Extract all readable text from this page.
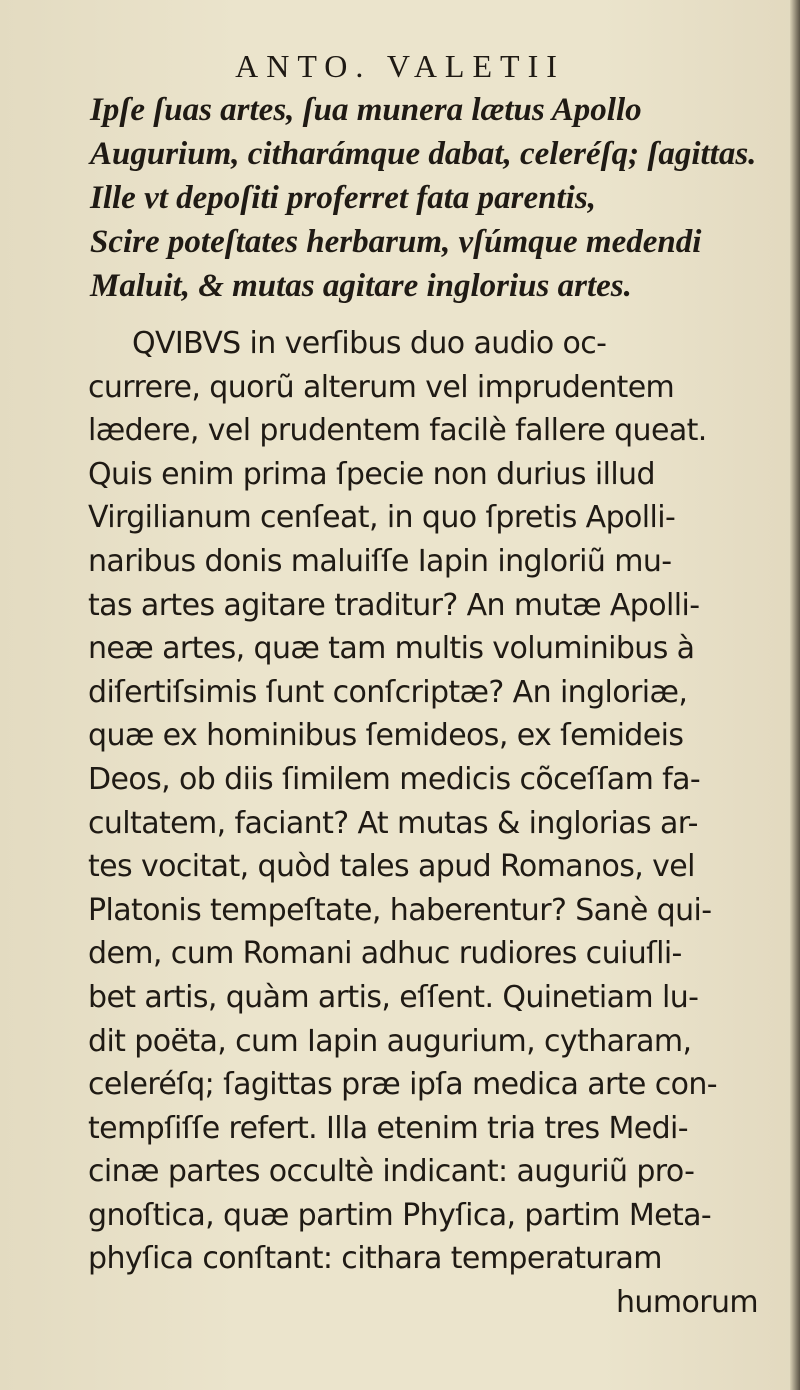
ANTO. VALETII
Ipſe ſuas artes, ſua munera lætus Apollo
Augurium, citharámque dabat, celeréſq; ſagittas.
Ille vt depoſiti proferret fata parentis,
Scire poteſtates herbarum, vſúmque medendi
Maluit, & mutas agitare inglorius artes.
QVIBVS in verſibus duo audio oc-
currere, quorũ alterum vel imprudentem
lædere, vel prudentem facilè fallere queat.
Quis enim prima ſpecie non durius illud
Virgilianum cenſeat, in quo ſpretis Apolli-
naribus donis maluiſſe Iapin ingloriũ mu-
tas artes agitare traditur? An mutæ Apolli-
neæ artes, quæ tam multis voluminibus à
diſertiſsimis ſunt conſcriptæ? An ingloriæ,
quæ ex hominibus ſemideos, ex ſemideis
Deos, ob diis ſimilem medicis cõceſſam fa-
cultatem, faciant? At mutas & inglorias ar-
tes vocitat, quòd tales apud Romanos, vel
Platonis tempeſtate, haberentur? Sanè qui-
dem, cum Romani adhuc rudiores cuiuſli-
bet artis, quàm artis, eſſent. Quinetiam lu-
dit poëta, cum Iapin augurium, cytharam,
celeréſq; ſagittas præ ipſa medica arte con-
tempſiſſe refert. Illa etenim tria tres Medi-
cinæ partes occultè indicant: auguriũ pro-
gnoſtica, quæ partim Phyſica, partim Meta-
phyſica conſtant: cithara temperaturam
humorum
